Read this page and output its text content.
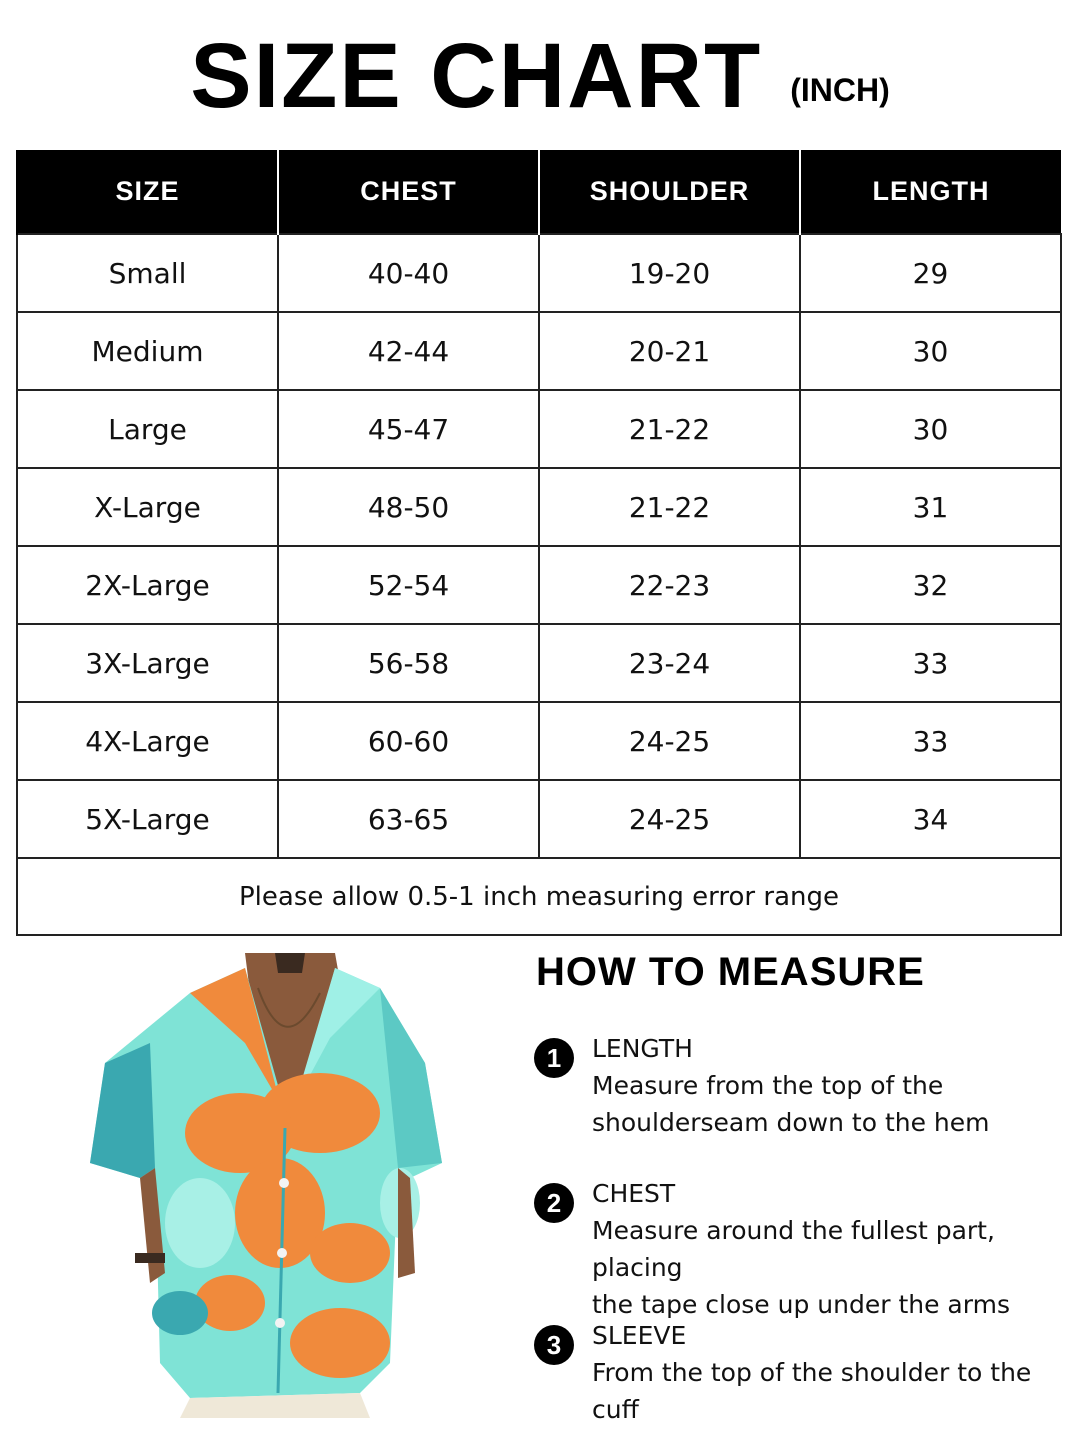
SIZE CHART (INCH)
SIZE	CHEST	SHOULDER	LENGTH
Small	40-40	19-20	29
Medium	42-44	20-21	30
Large	45-47	21-22	30
X-Large	48-50	21-22	31
2X-Large	52-54	22-23	32
3X-Large	56-58	23-24	33
4X-Large	60-60	24-25	33
5X-Large	63-65	24-25	34
Please allow 0.5-1 inch measuring error range			
HOW TO MEASURE
1	LENGTH
Measure from the top of the
shoulderseam down to the hem
2	CHEST
Measure around the fullest part, placing
the tape close up under the arms
3	SLEEVE
From the top of the shoulder to the cuff
